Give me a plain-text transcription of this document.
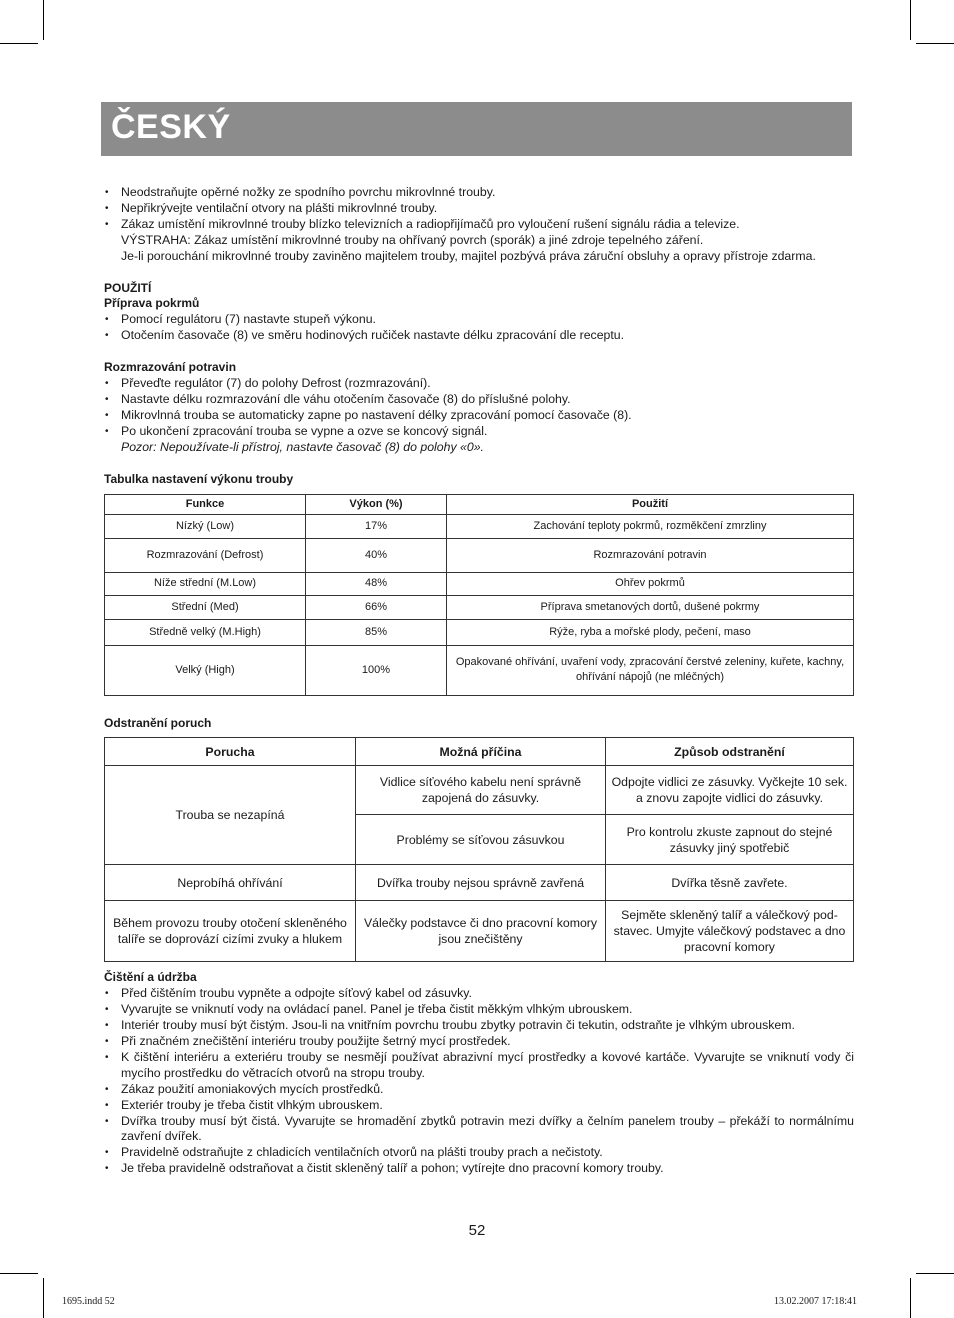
ČESKÝ
• Neodstraňujte opěrné nožky ze spodního povrchu mikrovlnné trouby.
• Nepřikrývejte ventilační otvory na plášti mikrovlnné trouby.
• Zákaz umístění mikrovlnné trouby blízko televizních a radiopřijímačů pro vyloučení rušení signálu rádia a televize.
VÝSTRAHA: Zákaz umístění mikrovlnné trouby na ohřívaný povrch (sporák) a jiné zdroje tepelného záření.
Je-li porouchání mikrovlnné trouby zaviněno majitelem trouby, majitel pozbývá práva záruční obsluhy a opravy přístroje zdarma.
POUŽITÍ
Příprava pokrmů
• Pomocí regulátoru (7) nastavte stupeň výkonu.
• Otočením časovače (8) ve směru hodinových ručiček nastavte délku zpracování dle receptu.
Rozmrazování potravin
• Převeďte regulátor (7) do polohy Defrost (rozmrazování).
• Nastavte délku rozmrazování dle váhu otočením časovače (8) do příslušné polohy.
• Mikrovlnná trouba se automaticky zapne po nastavení délky zpracování pomocí časovače (8).
• Po ukončení zpracování trouba se vypne a ozve se koncový signál.
Pozor: Nepoužívate-li přístroj, nastavte časovač (8) do polohy «0».
Tabulka nastavení výkonu trouby
Funkce	Výkon (%)	Použití
Nízký (Low)	17%	Zachování teploty pokrmů, rozměkčení zmrzliny
Rozmrazování (Defrost)	40%	Rozmrazování potravin
Níže střední (M.Low)	48%	Ohřev pokrmů
Střední (Med)	66%	Příprava smetanových dortů, dušené pokrmy
Středně velký (M.High)	85%	Rýže, ryba a mořské plody, pečení, maso
Velký (High)	100%	Opakované ohřívání, uvaření vody, zpracování čerstvé zeleniny, kuřete, kachny, ohřívání nápojů (ne mléčných)
Odstranění poruch
Porucha	Možná příčina	Způsob odstranění
Trouba se nezapíná	Vidlice síťového kabelu není správně zapojená do zásuvky.	Odpojte vidlici ze zásuvky. Vyčkejte 10 sek. a znovu zapojte vidlici do zásuvky.
	Problémy se síťovou zásuvkou	Pro kontrolu zkuste zapnout do stejné zásuvky jiný spotřebič
Neprobíhá ohřívání	Dvířka trouby nejsou správně zavřená	Dvířka těsně zavřete.
Během provozu trouby otočení skleněného talíře se doprovází cizími zvuky a hlukem	Válečky podstavce či dno pracovní komory jsou znečištěny	Sejměte skleněný talíř a válečkový pod-stavec. Umyjte válečkový podstavec a dno pracovní komory
Čištění a údržba
• Před čištěním troubu vypněte a odpojte síťový kabel od zásuvky.
• Vyvarujte se vniknutí vody na ovládací panel. Panel je třeba čistit měkkým vlhkým ubrouskem.
• Interiér trouby musí být čistým. Jsou-li na vnitřním povrchu troubu zbytky potravin či tekutin, odstraňte je vlhkým ubrouskem.
• Při značném znečištění interiéru trouby použijte šetrný mycí prostředek.
• K čištění interiéru a exteriéru trouby se nesmějí používat abrazivní mycí prostředky a kovové kartáče. Vyvarujte se vniknutí vody či mycího prostředku do větracích otvorů na stropu trouby.
• Zákaz použití amoniakových mycích prostředků.
• Exteriér trouby je třeba čistit vlhkým ubrouskem.
• Dvířka trouby musí být čistá. Vyvarujte se hromadění zbytků potravin mezi dvířky a čelním panelem trouby – překáží to normálnímu zavření dvířek.
• Pravidelně odstraňujte z chladicích ventilačních otvorů na plášti trouby prach a nečistoty.
• Je třeba pravidelně odstraňovat a čistit skleněný talíř a pohon; vytírejte dno pracovní komory trouby.
52
1695.indd 52	13.02.2007 17:18:41
